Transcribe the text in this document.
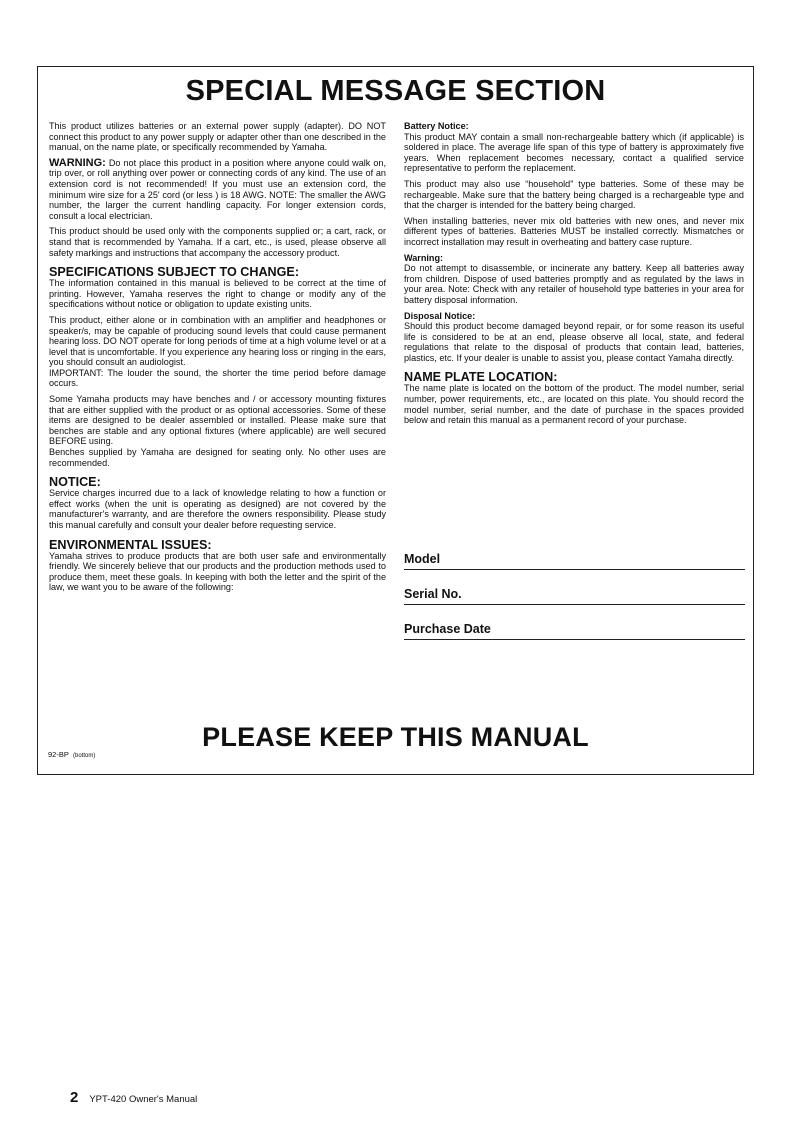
SPECIAL MESSAGE SECTION

This product utilizes batteries or an external power supply (adapter). DO NOT connect this product to any power supply or adapter other than one described in the manual, on the name plate, or specifically recommended by Yamaha.

WARNING: Do not place this product in a position where anyone could walk on, trip over, or roll anything over power or connecting cords of any kind. The use of an extension cord is not recommended! If you must use an extension cord, the minimum wire size for a 25' cord (or less ) is 18 AWG. NOTE: The smaller the AWG number, the larger the current handling capacity. For longer extension cords, consult a local electrician.

This product should be used only with the components supplied or; a cart, rack, or stand that is recommended by Yamaha. If a cart, etc., is used, please observe all safety markings and instructions that accompany the accessory product.

SPECIFICATIONS SUBJECT TO CHANGE:

The information contained in this manual is believed to be correct at the time of printing. However, Yamaha reserves the right to change or modify any of the specifications without notice or obligation to update existing units.

This product, either alone or in combination with an amplifier and headphones or speaker/s, may be capable of producing sound levels that could cause permanent hearing loss. DO NOT operate for long periods of time at a high volume level or at a level that is uncomfortable. If you experience any hearing loss or ringing in the ears, you should consult an audiologist.

IMPORTANT: The louder the sound, the shorter the time period before damage occurs.

Some Yamaha products may have benches and / or accessory mounting fixtures that are either supplied with the product or as optional accessories. Some of these items are designed to be dealer assembled or installed. Please make sure that benches are stable and any optional fixtures (where applicable) are well secured BEFORE using.

Benches supplied by Yamaha are designed for seating only. No other uses are recommended.

NOTICE:

Service charges incurred due to a lack of knowledge relating to how a function or effect works (when the unit is operating as designed) are not covered by the manufacturer's warranty, and are therefore the owners responsibility. Please study this manual carefully and consult your dealer before requesting service.

ENVIRONMENTAL ISSUES:

Yamaha strives to produce products that are both user safe and environmentally friendly. We sincerely believe that our products and the production methods used to produce them, meet these goals. In keeping with both the letter and the spirit of the law, we want you to be aware of the following:

Battery Notice:

This product MAY contain a small non-rechargeable battery which (if applicable) is soldered in place. The average life span of this type of battery is approximately five years. When replacement becomes necessary, contact a qualified service representative to perform the replacement.

This product may also use “household” type batteries. Some of these may be rechargeable. Make sure that the battery being charged is a rechargeable type and that the charger is intended for the battery being charged.

When installing batteries, never mix old batteries with new ones, and never mix different types of batteries. Batteries MUST be installed correctly. Mismatches or incorrect installation may result in overheating and battery case rupture.

Warning:

Do not attempt to disassemble, or incinerate any battery. Keep all batteries away from children. Dispose of used batteries promptly and as regulated by the laws in your area. Note: Check with any retailer of household type batteries in your area for battery disposal information.

Disposal Notice:

Should this product become damaged beyond repair, or for some reason its useful life is considered to be at an end, please observe all local, state, and federal regulations that relate to the disposal of products that contain lead, batteries, plastics, etc. If your dealer is unable to assist you, please contact Yamaha directly.

NAME PLATE LOCATION:

The name plate is located on the bottom of the product. The model number, serial number, power requirements, etc., are located on this plate. You should record the model number, serial number, and the date of purchase in the spaces provided below and retain this manual as a permanent record of your purchase.

Model
Serial No.
Purchase Date
92-BP (bottom)
PLEASE KEEP THIS MANUAL
2 YPT-420 Owner's Manual
